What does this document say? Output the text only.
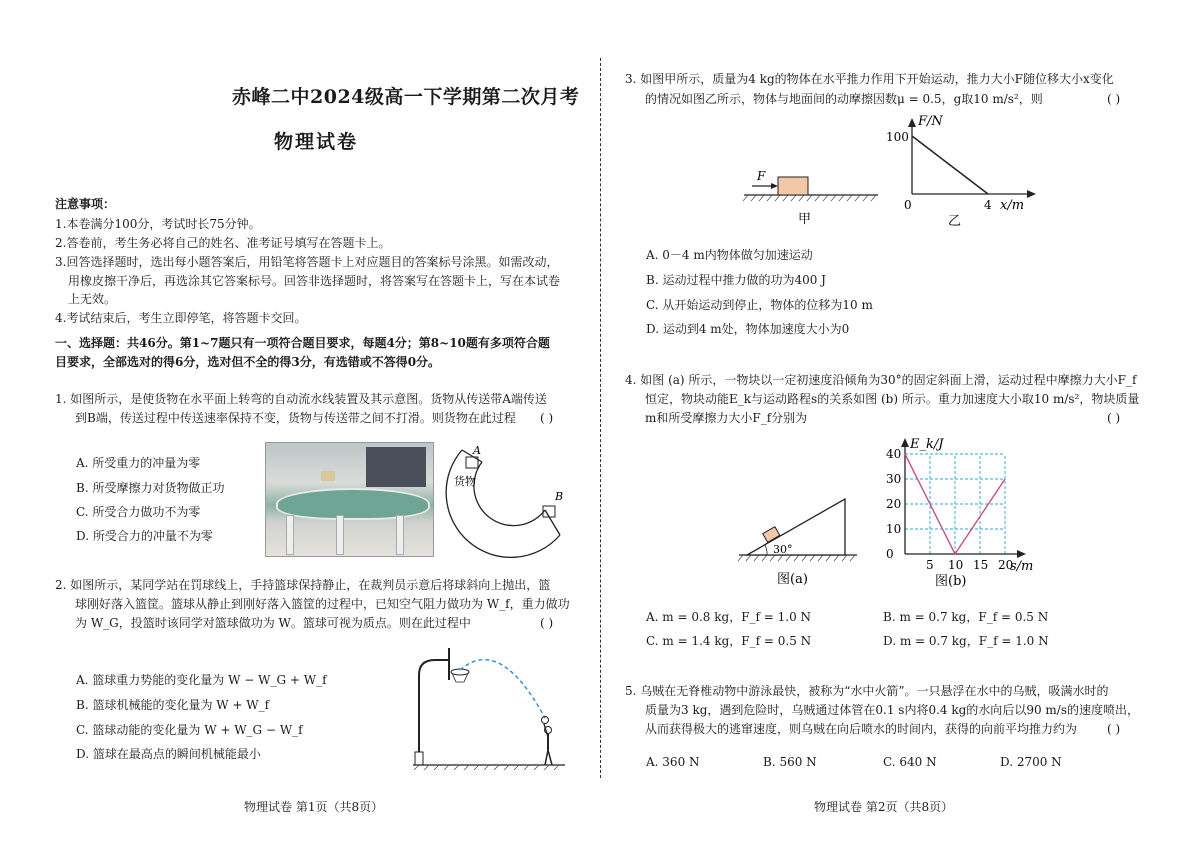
赤峰二中2024级高一下学期第二次月考
物理试卷
注意事项：
1.本卷满分100分，考试时长75分钟。
2.答卷前，考生务必将自己的姓名、准考证号填写在答题卡上。
3.回答选择题时，选出每小题答案后，用铅笔将答题卡上对应题目的答案标号涂黑。如需改动，
用橡皮擦干净后，再选涂其它答案标号。回答非选择题时，将答案写在答题卡上，写在本试卷
上无效。
4.考试结束后，考生立即停笔，将答题卡交回。
一、选择题：共46分。第1~7题只有一项符合题目要求，每题4分；第8~10题有多项符合题
目要求，全部选对的得6分，选对但不全的得3分，有选错或不答得0分。
1. 如图所示，是使货物在水平面上转弯的自动流水线装置及其示意图。货物从传送带A端传送
到B端，传送过程中传送速率保持不变，货物与传送带之间不打滑。则货物在此过程 ( )
A. 所受重力的冲量为零
B. 所受摩擦力对货物做正功
C. 所受合力做功不为零
D. 所受合力的冲量不为零
A
B
货物
2. 如图所示，某同学站在罚球线上，手持篮球保持静止，在裁判员示意后将球斜向上抛出，篮
球刚好落入篮筐。篮球从静止到刚好落入篮筐的过程中，已知空气阻力做功为 W_f，重力做功
为 W_G，投篮时该同学对篮球做功为 W。篮球可视为质点。则在此过程中	( )
A. 篮球重力势能的变化量为 W − W_G + W_f
B. 篮球机械能的变化量为 W + W_f
C. 篮球动能的变化量为 W + W_G − W_f
D. 篮球在最高点的瞬间机械能最小
物理试卷 第1页（共8页）
3. 如图甲所示，质量为4 kg的物体在水平推力作用下开始运动，推力大小F随位移大小x变化
的情况如图乙所示，物体与地面间的动摩擦因数μ = 0.5，g取10 m/s²，则	( )
F
甲
F/N
100
0	4 x/m
乙
A. 0－4 m内物体做匀加速运动
B. 运动过程中推力做的功为400 J
C. 从开始运动到停止，物体的位移为10 m
D. 运动到4 m处，物体加速度大小为0
4. 如图 (a) 所示，一物块以一定初速度沿倾角为30°的固定斜面上滑，运动过程中摩擦力大小F_f
恒定，物块动能E_k与运动路程s的关系如图 (b) 所示。重力加速度大小取10 m/s²，物块质量
m和所受摩擦力大小F_f分别为	( )
30°
图(a)
0
10
20
30
40
5 10 15 20
E_k/J
s/m
图(b)
A. m = 0.8 kg，F_f = 1.0 N	B. m = 0.7 kg，F_f = 0.5 N
C. m = 1.4 kg，F_f = 0.5 N	D. m = 0.7 kg，F_f = 1.0 N
5. 乌贼在无脊椎动物中游泳最快，被称为“水中火箭”。一只悬浮在水中的乌贼，吸满水时的
质量为3 kg，遇到危险时，乌贼通过体管在0.1 s内将0.4 kg的水向后以90 m/s的速度喷出，
从而获得极大的逃窜速度，则乌贼在向后喷水的时间内，获得的向前平均推力约为 ( )
A. 360 N	B. 560 N	C. 640 N	D. 2700 N
物理试卷 第2页（共8页）
